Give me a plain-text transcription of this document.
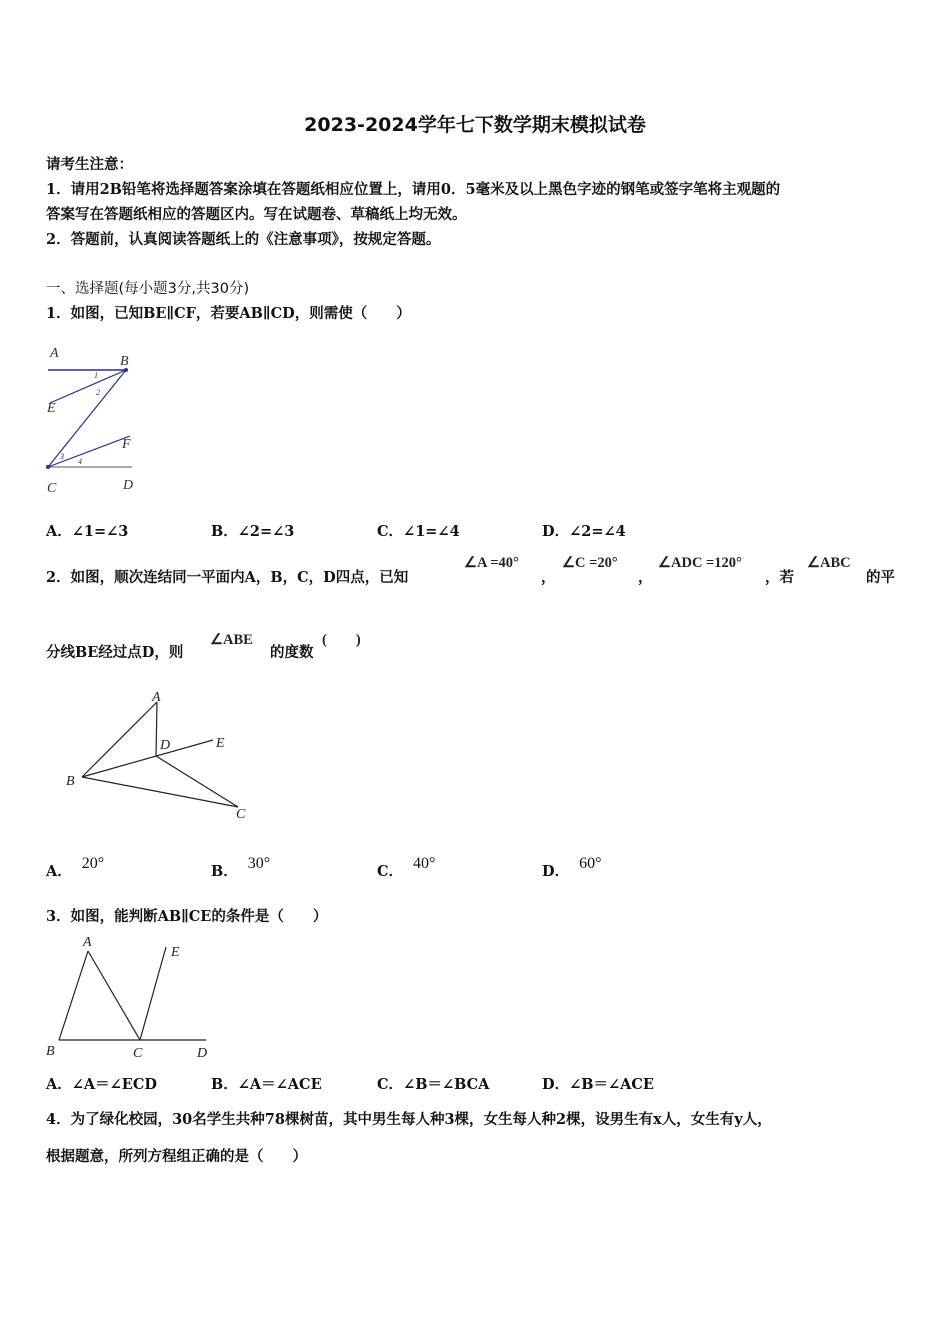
2023-2024学年七下数学期末模拟试卷
请考生注意：
1．请用2B铅笔将选择题答案涂填在答题纸相应位置上，请用0．5毫米及以上黑色字迹的钢笔或签字笔将主观题的
答案写在答题纸相应的答题区内。写在试题卷、草稿纸上均无效。
2．答题前，认真阅读答题纸上的《注意事项》，按规定答题。
一、选择题(每小题3分,共30分)
1．如图，已知BE∥CF，若要AB∥CD，则需使（　　）
A
B
E
F
C	D
1
2
3
4
A．∠1=∠3	B．∠2=∠3	C．∠1=∠4	D．∠2=∠4
2．如图，顺次连结同一平面内A，B，C，D四点，已知
∠A =40°
，
∠C =20°
，
∠ADC =120°
，若
∠ABC
的平
分线BE经过点D，则
∠ABE
的度数
(　　)
A
B
C
D	E
A． 20°	B． 30°	C． 40°	D． 60°
3．如图，能判断AB∥CE的条件是（　　）
A
B	C	D
E
A．∠A＝∠ECD	B．∠A＝∠ACE	C．∠B＝∠BCA	D．∠B＝∠ACE
4．为了绿化校园，30名学生共种78棵树苗，其中男生每人种3棵，女生每人种2棵，设男生有x人，女生有y人，
根据题意，所列方程组正确的是（　　）
